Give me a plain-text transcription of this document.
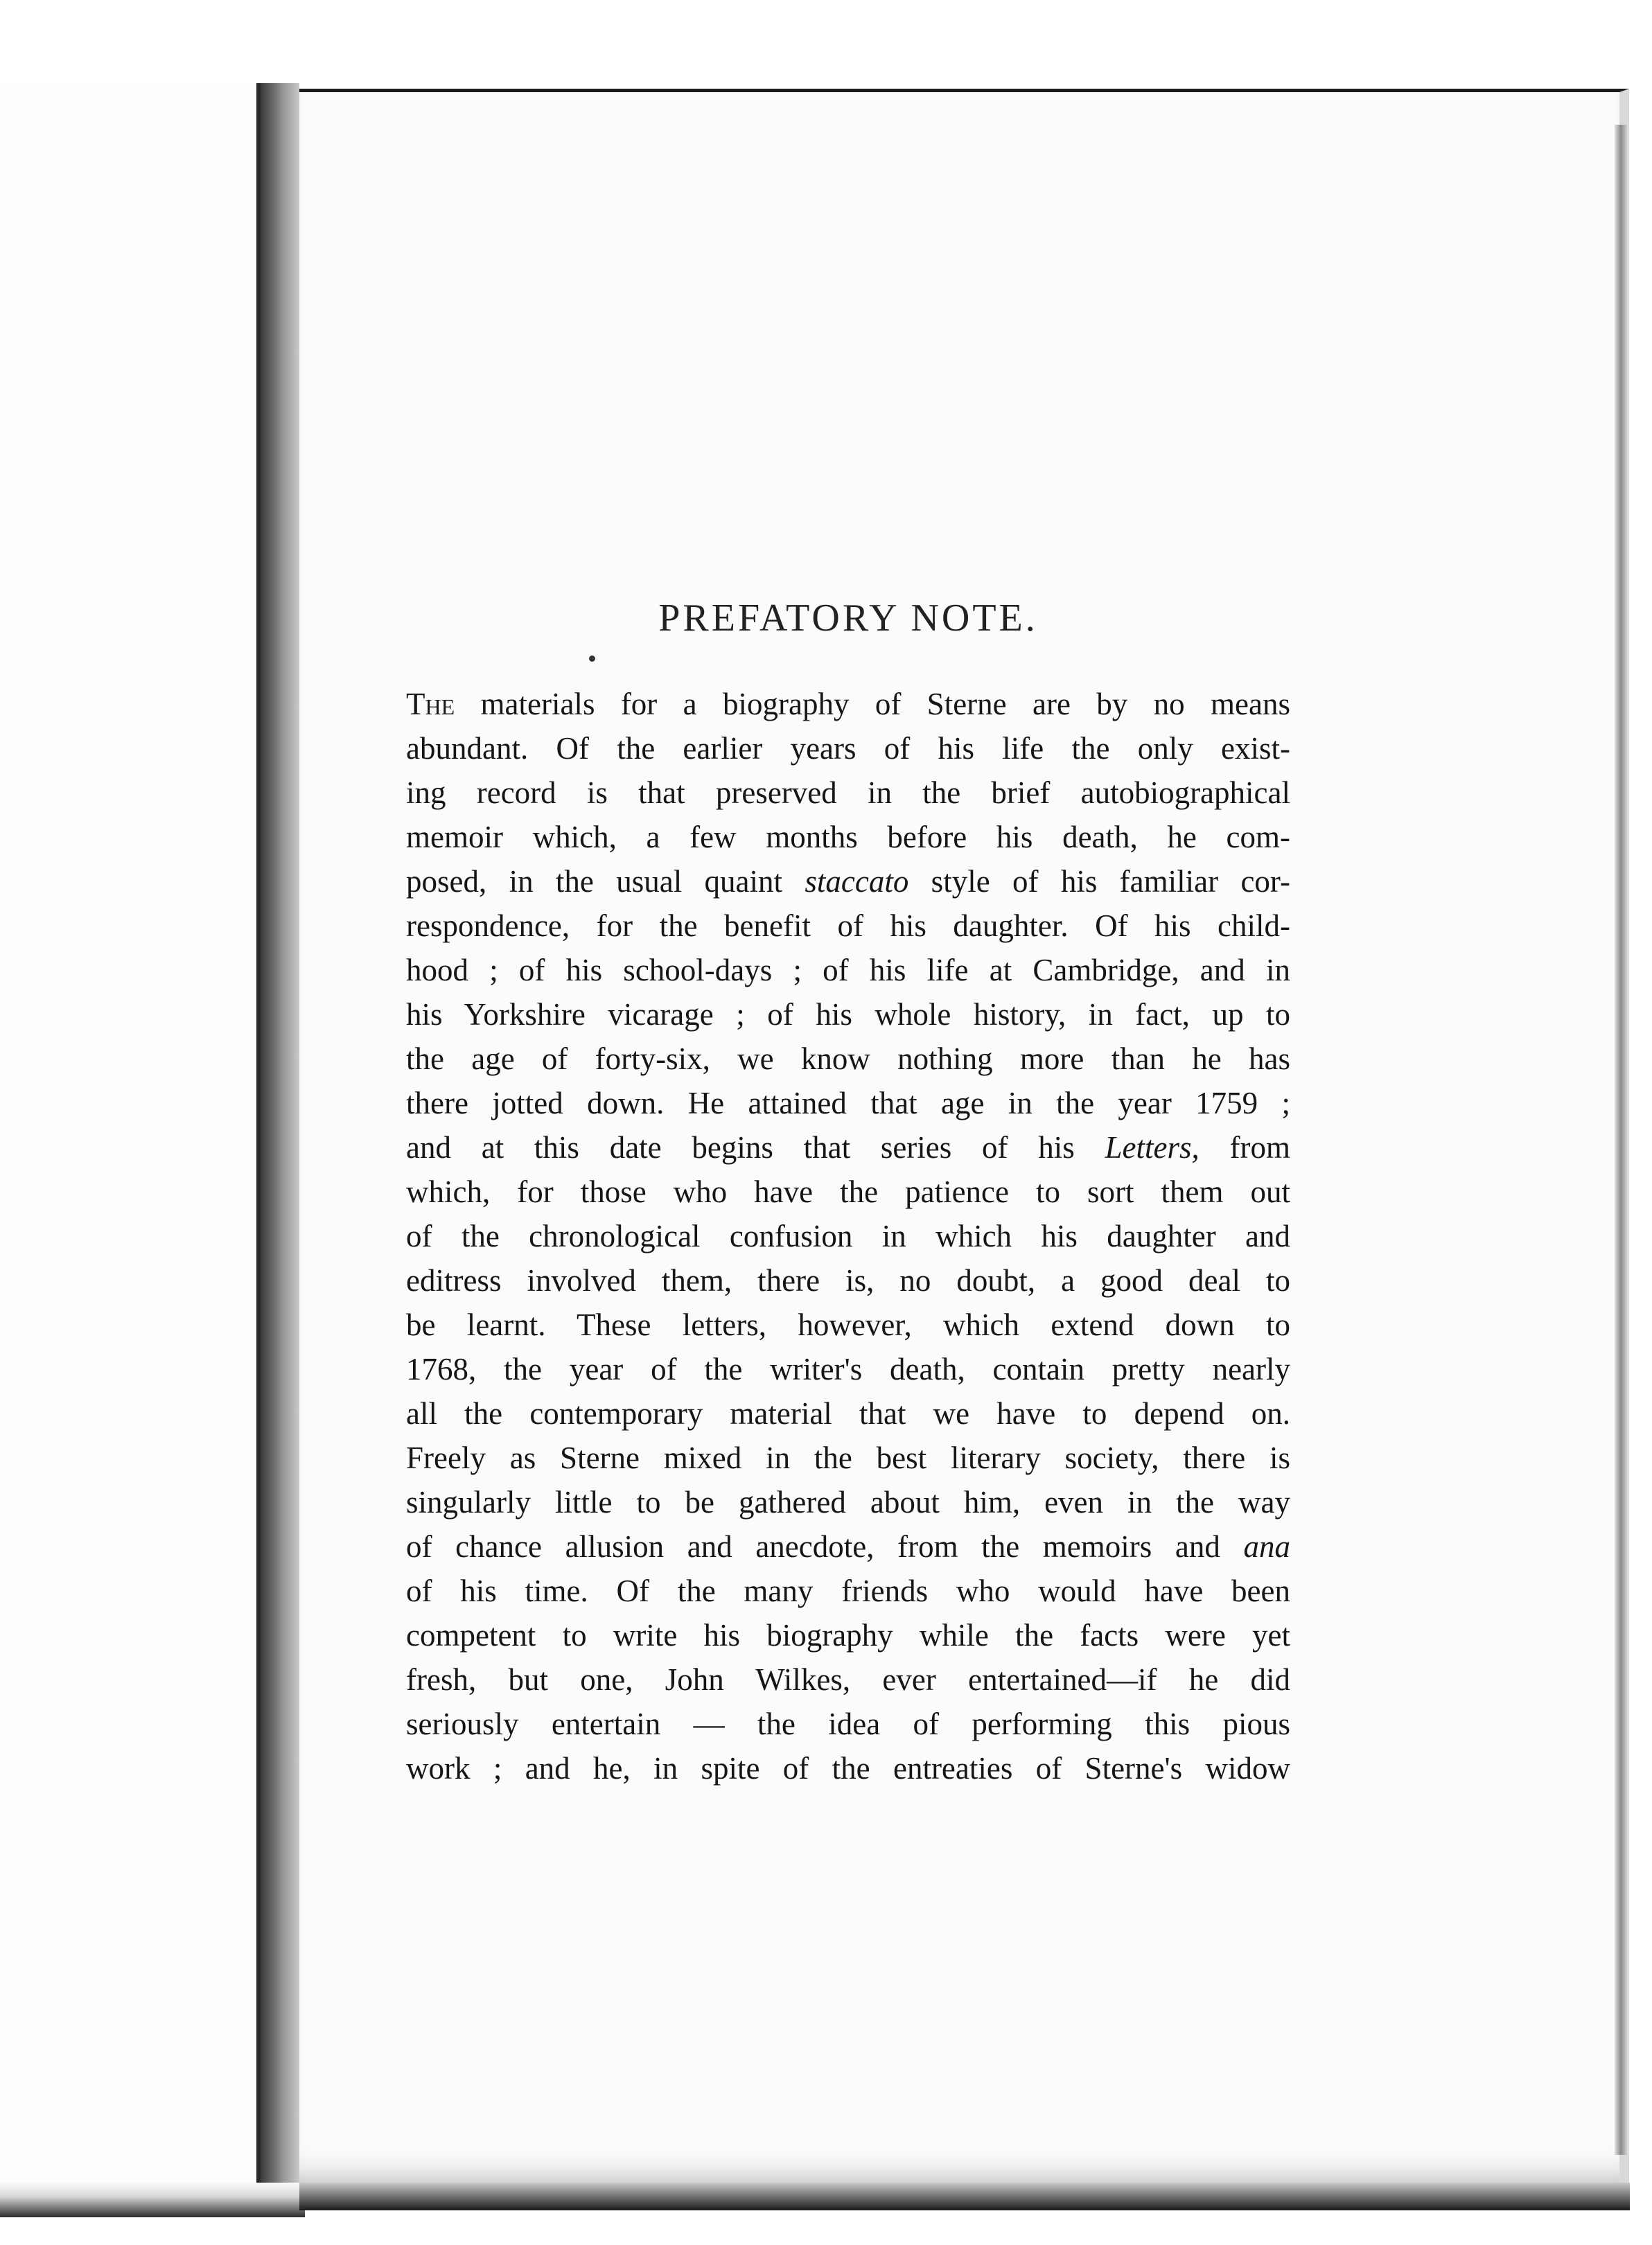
PREFATORY NOTE.
The materials for a biography of Sterne are by no means
abundant. Of the earlier years of his life the only exist-
ing record is that preserved in the brief autobiographical
memoir which, a few months before his death, he com-
posed, in the usual quaint staccato style of his familiar cor-
respondence, for the benefit of his daughter. Of his child-
hood ; of his school-days ; of his life at Cambridge, and in
his Yorkshire vicarage ; of his whole history, in fact, up to
the age of forty-six, we know nothing more than he has
there jotted down. He attained that age in the year 1759 ;
and at this date begins that series of his Letters, from
which, for those who have the patience to sort them out
of the chronological confusion in which his daughter and
editress involved them, there is, no doubt, a good deal to
be learnt. These letters, however, which extend down to
1768, the year of the writer's death, contain pretty nearly
all the contemporary material that we have to depend on.
Freely as Sterne mixed in the best literary society, there is
singularly little to be gathered about him, even in the way
of chance allusion and anecdote, from the memoirs and ana
of his time. Of the many friends who would have been
competent to write his biography while the facts were yet
fresh, but one, John Wilkes, ever entertained—if he did
seriously entertain — the idea of performing this pious
work ; and he, in spite of the entreaties of Sterne's widow
